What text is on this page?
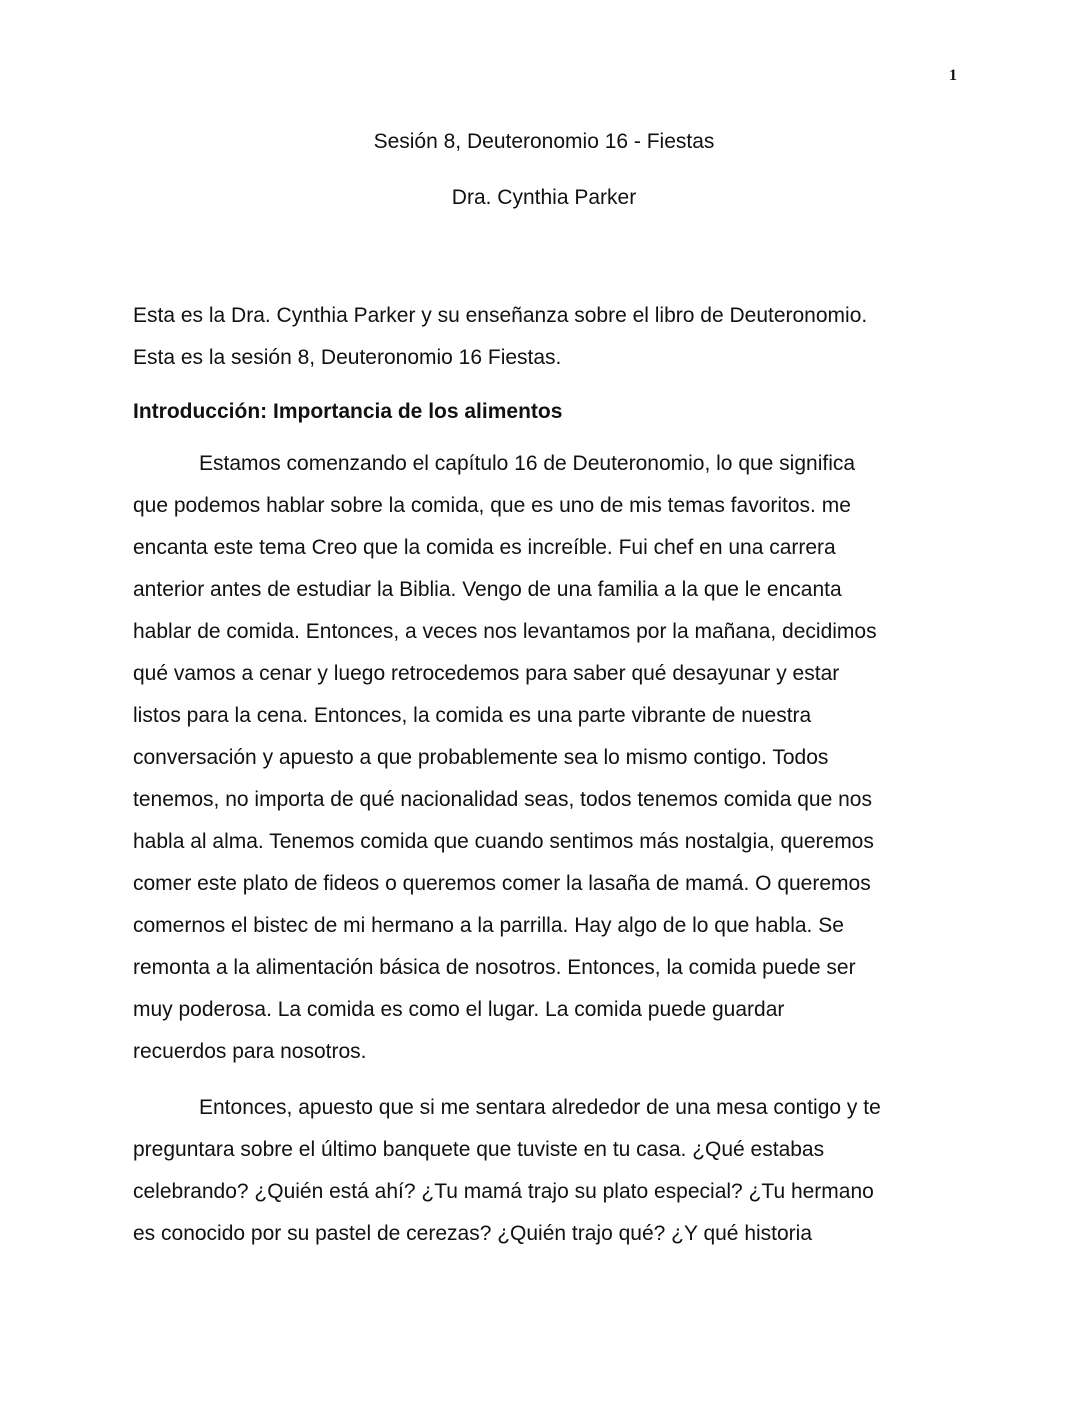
1
Sesión 8, Deuteronomio 16 - Fiestas
Dra. Cynthia Parker
Esta es la Dra. Cynthia Parker y su enseñanza sobre el libro de Deuteronomio.
Esta es la sesión 8, Deuteronomio 16 Fiestas.
Introducción: Importancia de los alimentos
Estamos comenzando el capítulo 16 de Deuteronomio, lo que significa
que podemos hablar sobre la comida, que es uno de mis temas favoritos. me
encanta este tema Creo que la comida es increíble. Fui chef en una carrera
anterior antes de estudiar la Biblia. Vengo de una familia a la que le encanta
hablar de comida. Entonces, a veces nos levantamos por la mañana, decidimos
qué vamos a cenar y luego retrocedemos para saber qué desayunar y estar
listos para la cena. Entonces, la comida es una parte vibrante de nuestra
conversación y apuesto a que probablemente sea lo mismo contigo. Todos
tenemos, no importa de qué nacionalidad seas, todos tenemos comida que nos
habla al alma. Tenemos comida que cuando sentimos más nostalgia, queremos
comer este plato de fideos o queremos comer la lasaña de mamá. O queremos
comernos el bistec de mi hermano a la parrilla. Hay algo de lo que habla. Se
remonta a la alimentación básica de nosotros. Entonces, la comida puede ser
muy poderosa. La comida es como el lugar. La comida puede guardar
recuerdos para nosotros.
Entonces, apuesto que si me sentara alrededor de una mesa contigo y te
preguntara sobre el último banquete que tuviste en tu casa. ¿Qué estabas
celebrando? ¿Quién está ahí? ¿Tu mamá trajo su plato especial? ¿Tu hermano
es conocido por su pastel de cerezas? ¿Quién trajo qué? ¿Y qué historia
